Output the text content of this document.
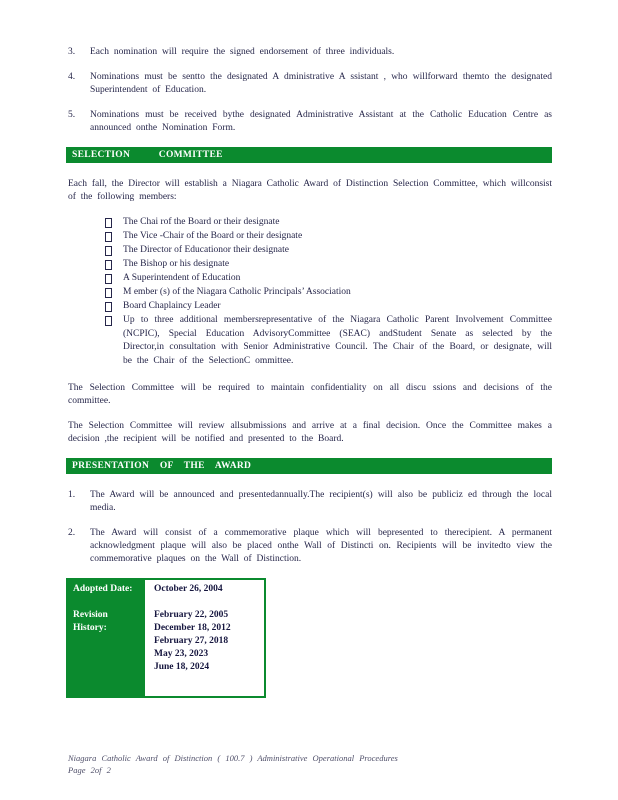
3.	Each nomination will require the signed endorsement of three individuals.
4.	Nominations must be sentto the designated A dministrative A ssistant , who willforward themto the designated Superintendent of Education.
5.	Nominations must be received bythe designated Administrative Assistant at the Catholic Education Centre as announced onthe Nomination Form.
SELECTION COMMITTEE

Each fall, the Director will establish a Niagara Catholic Award of Distinction Selection Committee, which willconsist of the following members:

The Chai rof the Board or their designate
The Vice -Chair of the Board or their designate
The Director of Educationor their designate
The Bishop or his designate
A Superintendent of Education
M ember (s) of the Niagara Catholic Principals’ Association
Board Chaplaincy Leader
Up to three additional membersrepresentative of the Niagara Catholic Parent Involvement Committee (NCPIC), Special Education AdvisoryCommittee (SEAC) andStudent Senate as selected by the Director,in consultation with Senior Administrative Council. The Chair of the Board, or designate, will be the Chair of the SelectionC ommittee.

The Selection Committee will be required to maintain confidentiality on all discu ssions and decisions of the committee.

The Selection Committee will review allsubmissions and arrive at a final decision. Once the Committee makes a decision ,the recipient will be notified and presented to the Board.

PRESENTATION OF THE AWARD
1.	The Award will be announced and presentedannually.The recipient(s) will also be publiciz ed through the local media.
2.	The Award will consist of a commemorative plaque which will bepresented to therecipient. A permanent acknowledgment plaque will also be placed onthe Wall of Distincti on. Recipients will be invitedto view the commemorative plaques on the Wall of Distinction.
Adopted Date:	October 26, 2004
Revision History:	February 22, 2005
December 18, 2012
February 27, 2018
May 23, 2023
June 18, 2024
Niagara Catholic Award of Distinction ( 100.7 ) Administrative Operational Procedures
Page 2of 2
